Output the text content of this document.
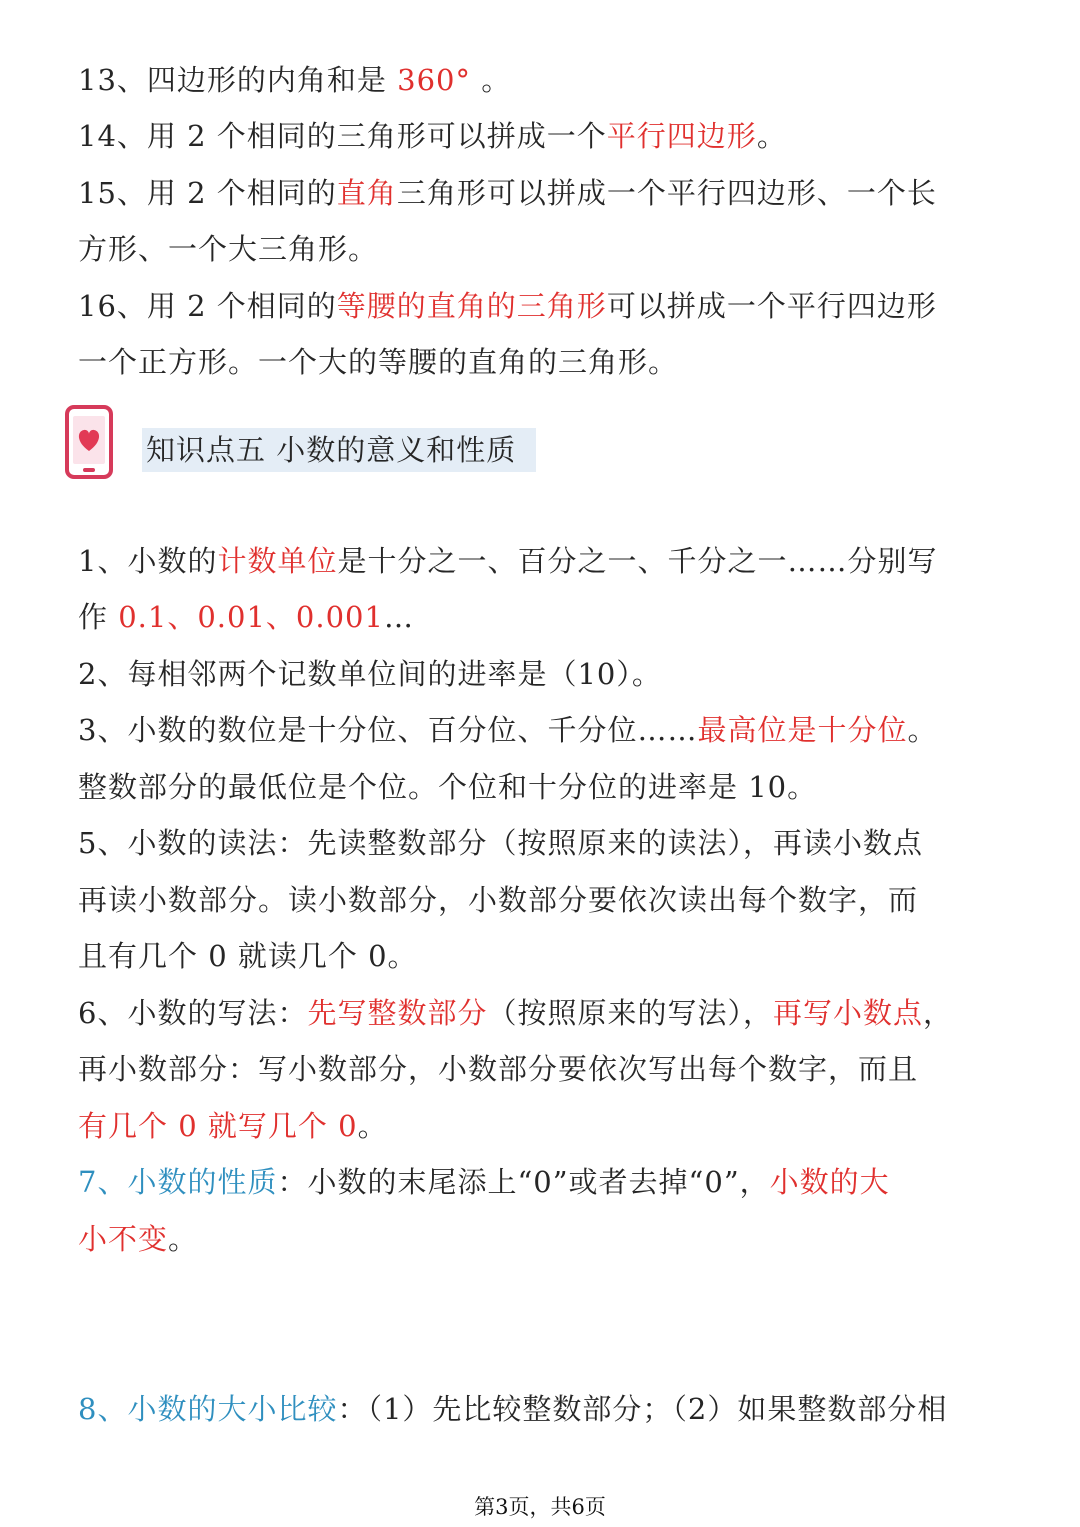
13、四边形的内角和是 360° 。
14、用 2 个相同的三角形可以拼成一个平行四边形。
15、用 2 个相同的直角三角形可以拼成一个平行四边形、一个长
方形、一个大三角形。
16、用 2 个相同的等腰的直角的三角形可以拼成一个平行四边形
一个正方形。一个大的等腰的直角的三角形。
知识点五 小数的意义和性质
1、小数的计数单位是十分之一、百分之一、千分之一……分别写
作 0.1、0.01、0.001…
2、每相邻两个记数单位间的进率是（10）。
3、小数的数位是十分位、百分位、千分位……最高位是十分位。
整数部分的最低位是个位。个位和十分位的进率是 10。
5、小数的读法：先读整数部分（按照原来的读法），再读小数点
再读小数部分。读小数部分，小数部分要依次读出每个数字，而
且有几个 0 就读几个 0。
6、小数的写法：先写整数部分（按照原来的写法），再写小数点，
再小数部分：写小数部分，小数部分要依次写出每个数字，而且
有几个 0 就写几个 0。
7、小数的性质：小数的末尾添上“0”或者去掉“0”，小数的大
小不变。
8、小数的大小比较：（1）先比较整数部分；（2）如果整数部分相
第3页，共6页
